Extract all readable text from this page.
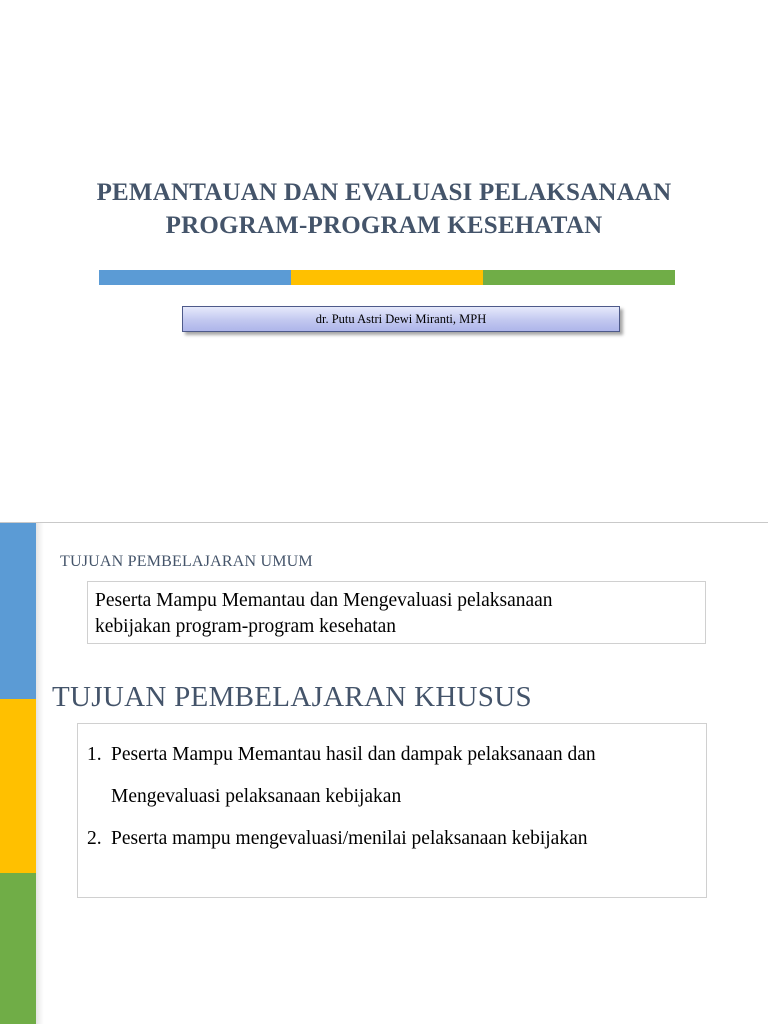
PEMANTAUAN DAN EVALUASI PELAKSANAAN
PROGRAM-PROGRAM KESEHATAN
dr. Putu Astri Dewi Miranti, MPH
TUJUAN PEMBELAJARAN UMUM
Peserta Mampu Memantau dan Mengevaluasi pelaksanaan
kebijakan program-program kesehatan
TUJUAN PEMBELAJARAN KHUSUS
1. Peserta Mampu Memantau hasil dan dampak pelaksanaan dan
Mengevaluasi pelaksanaan kebijakan
2. Peserta mampu mengevaluasi/menilai pelaksanaan kebijakan
